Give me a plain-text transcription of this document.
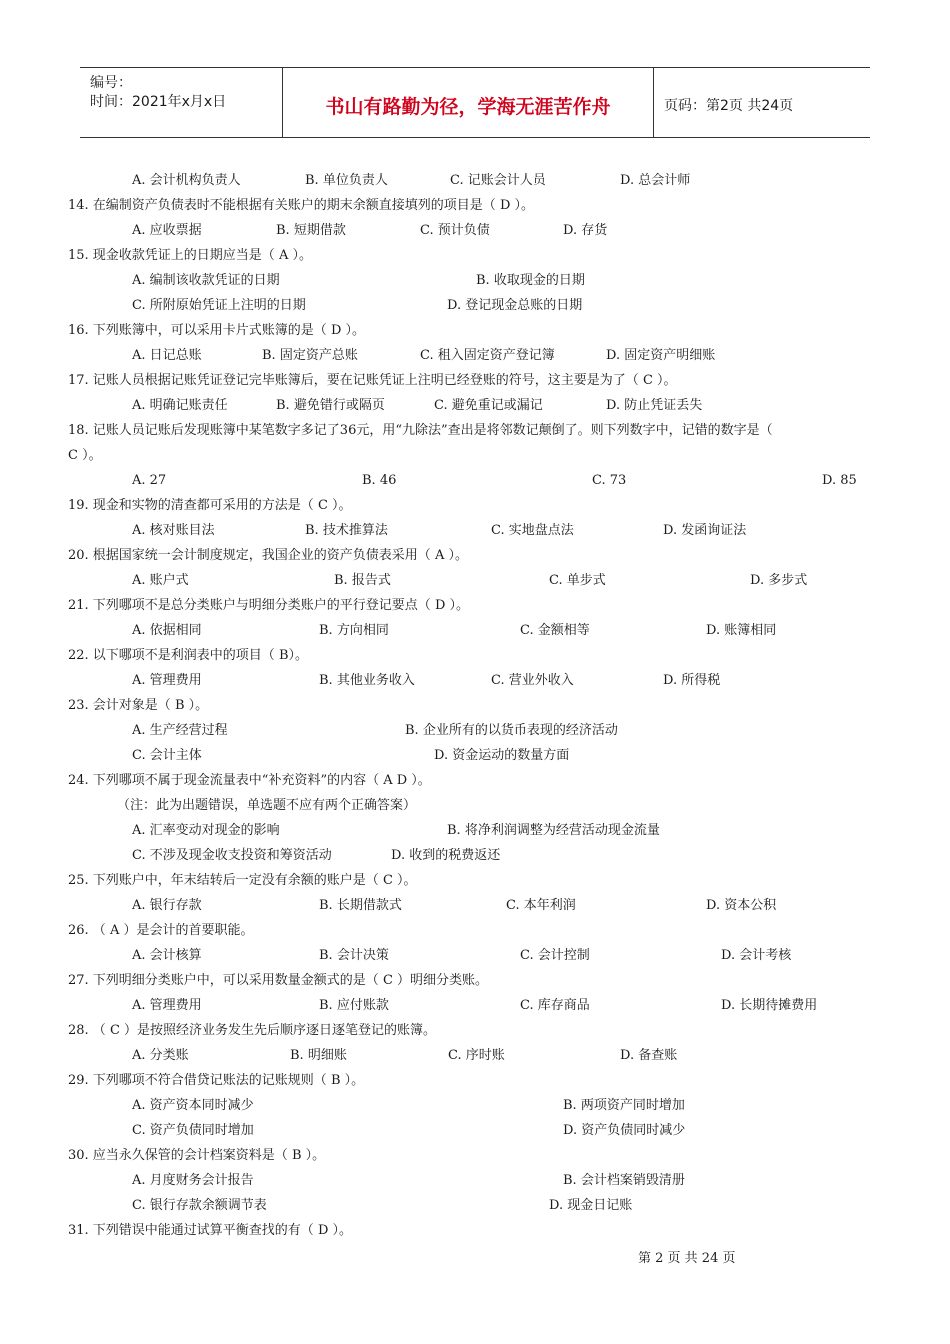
编号：
时间：2021年x月x日	书山有路勤为径，学海无涯苦作舟	页码：第2页 共24页
A. 会计机构负责人	B. 单位负责人	C. 记账会计人员	D. 总会计师
14. 在编制资产负债表时不能根据有关账户的期末余额直接填列的项目是（ D ）。
A. 应收票据	B. 短期借款	C. 预计负债	D. 存货
15. 现金收款凭证上的日期应当是（ A ）。
A. 编制该收款凭证的日期	B. 收取现金的日期
C. 所附原始凭证上注明的日期	D. 登记现金总账的日期
16. 下列账簿中，可以采用卡片式账簿的是（ D ）。
A. 日记总账	B. 固定资产总账	C. 租入固定资产登记簿	D. 固定资产明细账
17. 记账人员根据记账凭证登记完毕账簿后，要在记账凭证上注明已经登账的符号，这主要是为了（ C ）。
A. 明确记账责任	B. 避免错行或隔页	C. 避免重记或漏记	D. 防止凭证丢失
18. 记账人员记账后发现账簿中某笔数字多记了36元，用“九除法”查出是将邻数记颠倒了。则下列数字中，记错的数字是（
C ）。
A. 27	B. 46	C. 73	D. 85
19. 现金和实物的清查都可采用的方法是（ C ）。
A. 核对账目法	B. 技术推算法	C. 实地盘点法	D. 发函询证法
20. 根据国家统一会计制度规定，我国企业的资产负债表采用（ A ）。
A. 账户式	B. 报告式	C. 单步式	D. 多步式
21. 下列哪项不是总分类账户与明细分类账户的平行登记要点（ D ）。
A. 依据相同	B. 方向相同	C. 金额相等	D. 账簿相同
22. 以下哪项不是利润表中的项目（ B）。
A. 管理费用	B. 其他业务收入	C. 营业外收入	D. 所得税
23. 会计对象是（ B ）。
A. 生产经营过程	B. 企业所有的以货币表现的经济活动
C. 会计主体	D. 资金运动的数量方面
24. 下列哪项不属于现金流量表中“补充资料”的内容（ A D ）。
（注：此为出题错误，单选题不应有两个正确答案）
A. 汇率变动对现金的影响	B. 将净利润调整为经营活动现金流量
C. 不涉及现金收支投资和筹资活动	D. 收到的税费返还
25. 下列账户中，年末结转后一定没有余额的账户是（ C ）。
A. 银行存款	B. 长期借款式	C. 本年利润	D. 资本公积
26. （ A ）是会计的首要职能。
A. 会计核算	B. 会计决策	C. 会计控制	D. 会计考核
27. 下列明细分类账户中，可以采用数量金额式的是（ C ）明细分类账。
A. 管理费用	B. 应付账款	C. 库存商品	D. 长期待摊费用
28. （ C ）是按照经济业务发生先后顺序逐日逐笔登记的账簿。
A. 分类账	B. 明细账	C. 序时账	D. 备查账
29. 下列哪项不符合借贷记账法的记账规则（ B ）。
A. 资产资本同时减少	B. 两项资产同时增加
C. 资产负债同时增加	D. 资产负债同时减少
30. 应当永久保管的会计档案资料是（ B ）。
A. 月度财务会计报告	B. 会计档案销毁清册
C. 银行存款余额调节表	D. 现金日记账
31. 下列错误中能通过试算平衡查找的有（ D ）。
第 2 页 共 24 页
